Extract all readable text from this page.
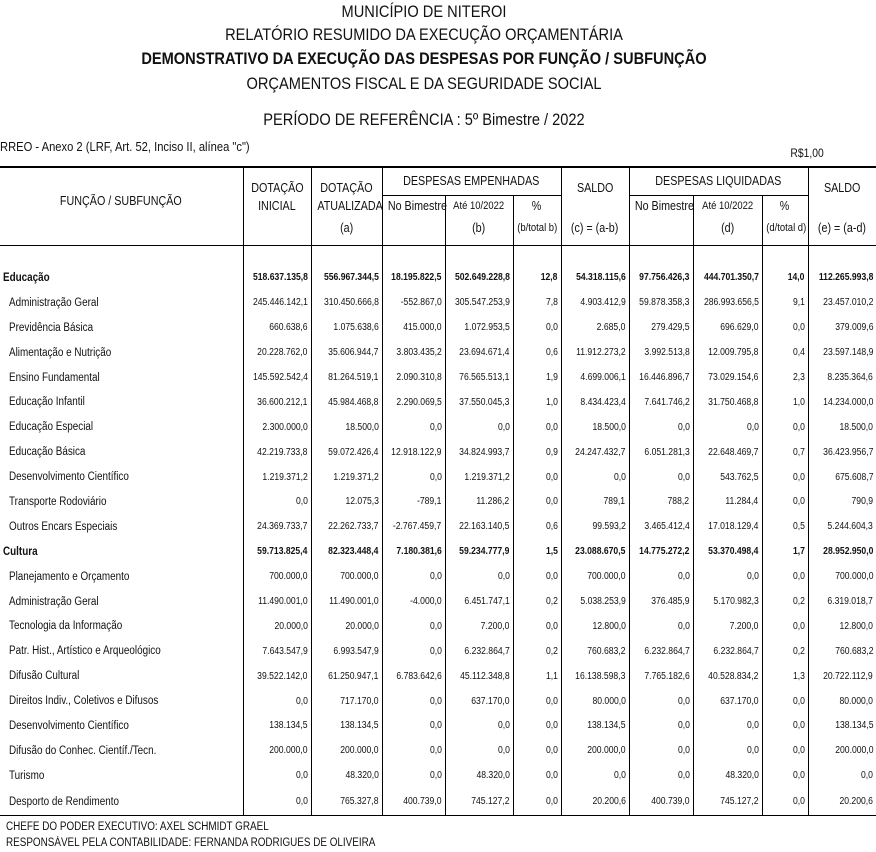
MUNICÍPIO DE NITEROI
RELATÓRIO RESUMIDO DA EXECUÇÃO ORÇAMENTÁRIA
DEMONSTRATIVO DA EXECUÇÃO DAS DESPESAS POR FUNÇÃO / SUBFUNÇÃO
ORÇAMENTOS FISCAL E DA SEGURIDADE SOCIAL
PERÍODO DE REFERÊNCIA : 5º Bimestre / 2022
RREO - Anexo 2 (LRF, Art. 52, Inciso II, alínea "c")	R$1,00
FUNÇÃO / SUBFUNÇÃO	DOTAÇÃO	DOTAÇÃO	DESPESAS EMPENHADAS			SALDO	DESPESAS LIQUIDADAS			SALDO
	INICIAL	ATUALIZADA	No Bimestre	Até 10/2022	%		No Bimestre	Até 10/2022	%	
		(a)		(b)	(b/total b)	(c) = (a-b)		(d)	(d/total d)	(e) = (a-d)

Educação	518.637.135,8	556.967.344,5	18.195.822,5	502.649.228,8	12,8	54.318.115,6	97.756.426,3	444.701.350,7	14,0	112.265.993,8
Administração Geral	245.446.142,1	310.450.666,8	-552.867,0	305.547.253,9	7,8	4.903.412,9	59.878.358,3	286.993.656,5	9,1	23.457.010,2
Previdência Básica	660.638,6	1.075.638,6	415.000,0	1.072.953,5	0,0	2.685,0	279.429,5	696.629,0	0,0	379.009,6
Alimentação e Nutrição	20.228.762,0	35.606.944,7	3.803.435,2	23.694.671,4	0,6	11.912.273,2	3.992.513,8	12.009.795,8	0,4	23.597.148,9
Ensino Fundamental	145.592.542,4	81.264.519,1	2.090.310,8	76.565.513,1	1,9	4.699.006,1	16.446.896,7	73.029.154,6	2,3	8.235.364,6
Educação Infantil	36.600.212,1	45.984.468,8	2.290.069,5	37.550.045,3	1,0	8.434.423,4	7.641.746,2	31.750.468,8	1,0	14.234.000,0
Educação Especial	2.300.000,0	18.500,0	0,0	0,0	0,0	18.500,0	0,0	0,0	0,0	18.500,0
Educação Básica	42.219.733,8	59.072.426,4	12.918.122,9	34.824.993,7	0,9	24.247.432,7	6.051.281,3	22.648.469,7	0,7	36.423.956,7
Desenvolvimento Científico	1.219.371,2	1.219.371,2	0,0	1.219.371,2	0,0	0,0	0,0	543.762,5	0,0	675.608,7
Transporte Rodoviário	0,0	12.075,3	-789,1	11.286,2	0,0	789,1	788,2	11.284,4	0,0	790,9
Outros Encars Especiais	24.369.733,7	22.262.733,7	-2.767.459,7	22.163.140,5	0,6	99.593,2	3.465.412,4	17.018.129,4	0,5	5.244.604,3
Cultura	59.713.825,4	82.323.448,4	7.180.381,6	59.234.777,9	1,5	23.088.670,5	14.775.272,2	53.370.498,4	1,7	28.952.950,0
Planejamento e Orçamento	700.000,0	700.000,0	0,0	0,0	0,0	700.000,0	0,0	0,0	0,0	700.000,0
Administração Geral	11.490.001,0	11.490.001,0	-4.000,0	6.451.747,1	0,2	5.038.253,9	376.485,9	5.170.982,3	0,2	6.319.018,7
Tecnologia da Informação	20.000,0	20.000,0	0,0	7.200,0	0,0	12.800,0	0,0	7.200,0	0,0	12.800,0
Patr. Hist., Artístico e Arqueológico	7.643.547,9	6.993.547,9	0,0	6.232.864,7	0,2	760.683,2	6.232.864,7	6.232.864,7	0,2	760.683,2
Difusão Cultural	39.522.142,0	61.250.947,1	6.783.642,6	45.112.348,8	1,1	16.138.598,3	7.765.182,6	40.528.834,2	1,3	20.722.112,9
Direitos Indiv., Coletivos e Difusos	0,0	717.170,0	0,0	637.170,0	0,0	80.000,0	0,0	637.170,0	0,0	80.000,0
Desenvolvimento Científico	138.134,5	138.134,5	0,0	0,0	0,0	138.134,5	0,0	0,0	0,0	138.134,5
Difusão do Conhec. Científ./Tecn.	200.000,0	200.000,0	0,0	0,0	0,0	200.000,0	0,0	0,0	0,0	200.000,0
Turismo	0,0	48.320,0	0,0	48.320,0	0,0	0,0	0,0	48.320,0	0,0	0,0
Desporto de Rendimento	0,0	765.327,8	400.739,0	745.127,2	0,0	20.200,6	400.739,0	745.127,2	0,0	20.200,6
CHEFE DO PODER EXECUTIVO: AXEL SCHMIDT GRAEL
RESPONSÁVEL PELA CONTABILIDADE: FERNANDA RODRIGUES DE OLIVEIRA
